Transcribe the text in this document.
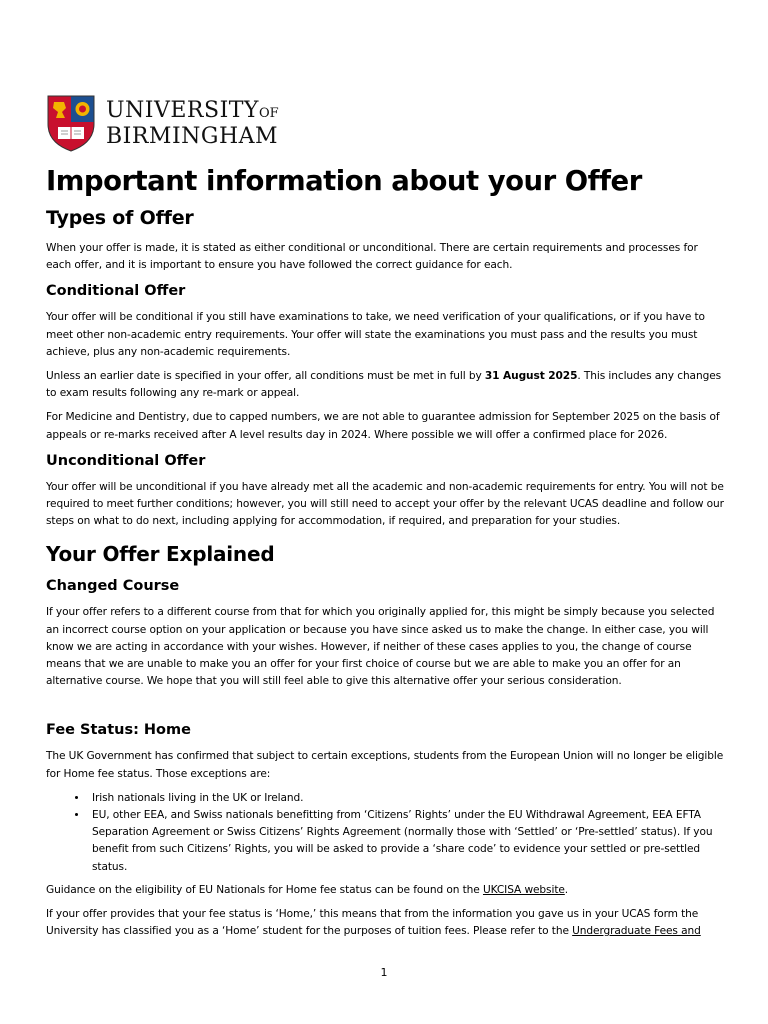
UNIVERSITYOF
BIRMINGHAM
Important information about your Offer
Types of Offer

When your offer is made, it is stated as either conditional or unconditional. There are certain requirements and processes for each offer, and it is important to ensure you have followed the correct guidance for each.

Conditional Offer

Your offer will be conditional if you still have examinations to take, we need verification of your qualifications, or if you have to meet other non-academic entry requirements. Your offer will state the examinations you must pass and the results you must achieve, plus any non-academic requirements.

Unless an earlier date is specified in your offer, all conditions must be met in full by 31 August 2025. This includes any changes to exam results following any re-mark or appeal.

For Medicine and Dentistry, due to capped numbers, we are not able to guarantee admission for September 2025 on the basis of appeals or re-marks received after A level results day in 2024. Where possible we will offer a confirmed place for 2026.

Unconditional Offer

Your offer will be unconditional if you have already met all the academic and non-academic requirements for entry. You will not be required to meet further conditions; however, you will still need to accept your offer by the relevant UCAS deadline and follow our steps on what to do next, including applying for accommodation, if required, and preparation for your studies.

Your Offer Explained
Changed Course

If your offer refers to a different course from that for which you originally applied for, this might be simply because you selected an incorrect course option on your application or because you have since asked us to make the change. In either case, you will know we are acting in accordance with your wishes. However, if neither of these cases applies to you, the change of course means that we are unable to make you an offer for your first choice of course but we are able to make you an offer for an alternative course. We hope that you will still feel able to give this alternative offer your serious consideration.

Fee Status: Home

The UK Government has confirmed that subject to certain exceptions, students from the European Union will no longer be eligible for Home fee status. Those exceptions are:

• Irish nationals living in the UK or Ireland.
• EU, other EEA, and Swiss nationals benefitting from ‘Citizens’ Rights’ under the EU Withdrawal Agreement, EEA EFTA Separation Agreement or Swiss Citizens’ Rights Agreement (normally those with ‘Settled’ or ‘Pre-settled’ status). If you benefit from such Citizens’ Rights, you will be asked to provide a ‘share code’ to evidence your settled or pre-settled status.

Guidance on the eligibility of EU Nationals for Home fee status can be found on the UKCISA website.

If your offer provides that your fee status is ‘Home,’ this means that from the information you gave us in your UCAS form the University has classified you as a ‘Home’ student for the purposes of tuition fees. Please refer to the Undergraduate Fees and

1
